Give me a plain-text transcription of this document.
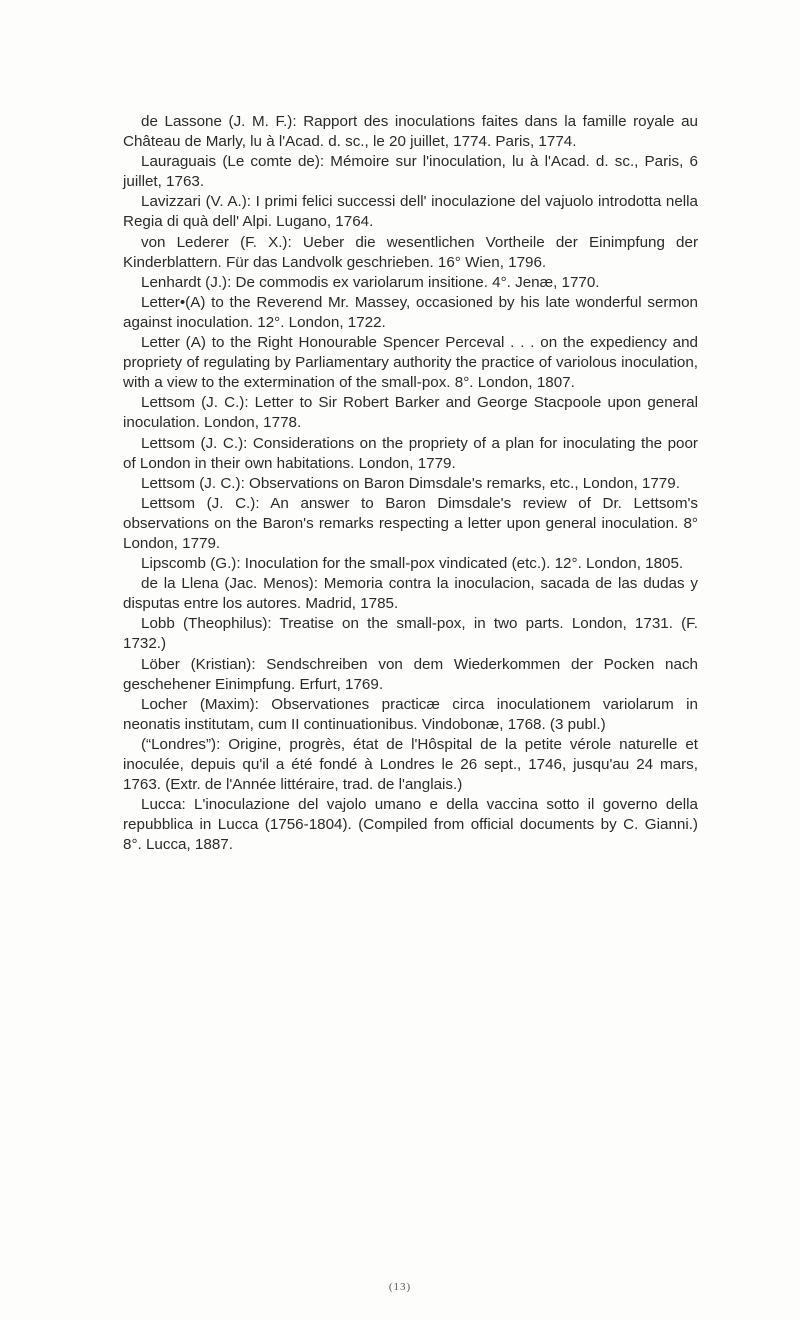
de Lassone (J. M. F.): Rapport des inoculations faites dans la famille royale au Château de Marly, lu à l'Acad. d. sc., le 20 juillet, 1774. Paris, 1774.

Lauraguais (Le comte de): Mémoire sur l'inoculation, lu à l'Acad. d. sc., Paris, 6 juillet, 1763.

Lavizzari (V. A.): I primi felici successi dell' inoculazione del vajuolo introdotta nella Regia di quà dell' Alpi. Lugano, 1764.

von Lederer (F. X.): Ueber die wesentlichen Vortheile der Einimpfung der Kinderblattern. Für das Landvolk geschrieben. 16° Wien, 1796.

Lenhardt (J.): De commodis ex variolarum insitione. 4°. Jenæ, 1770.

Letter•(A) to the Reverend Mr. Massey, occasioned by his late wonderful sermon against inoculation. 12°. London, 1722.

Letter (A) to the Right Honourable Spencer Perceval . . . on the expediency and propriety of regulating by Parliamentary authority the practice of variolous inoculation, with a view to the extermination of the small-pox. 8°. London, 1807.

Lettsom (J. C.): Letter to Sir Robert Barker and George Stacpoole upon general inoculation. London, 1778.

Lettsom (J. C.): Considerations on the propriety of a plan for inoculating the poor of London in their own habitations. London, 1779.

Lettsom (J. C.): Observations on Baron Dimsdale's remarks, etc., London, 1779.

Lettsom (J. C.): An answer to Baron Dimsdale's review of Dr. Lettsom's observations on the Baron's remarks respecting a letter upon general inoculation. 8° London, 1779.

Lipscomb (G.): Inoculation for the small-pox vindicated (etc.). 12°. London, 1805.

de la Llena (Jac. Menos): Memoria contra la inoculacion, sacada de las dudas y disputas entre los autores. Madrid, 1785.

Lobb (Theophilus): Treatise on the small-pox, in two parts. London, 1731. (F. 1732.)

Löber (Kristian): Sendschreiben von dem Wiederkommen der Pocken nach geschehener Einimpfung. Erfurt, 1769.

Locher (Maxim): Observationes practicæ circa inoculationem variolarum in neonatis institutam, cum II continuationibus. Vindobonæ, 1768. (3 publ.)

(“Londres”): Origine, progrès, état de l'Hôspital de la petite vérole naturelle et inoculée, depuis qu'il a été fondé à Londres le 26 sept., 1746, jusqu'au 24 mars, 1763. (Extr. de l'Année littéraire, trad. de l'anglais.)

Lucca: L'inoculazione del vajolo umano e della vaccina sotto il governo della repubblica in Lucca (1756-1804). (Compiled from official documents by C. Gianni.) 8°. Lucca, 1887.

(13)
